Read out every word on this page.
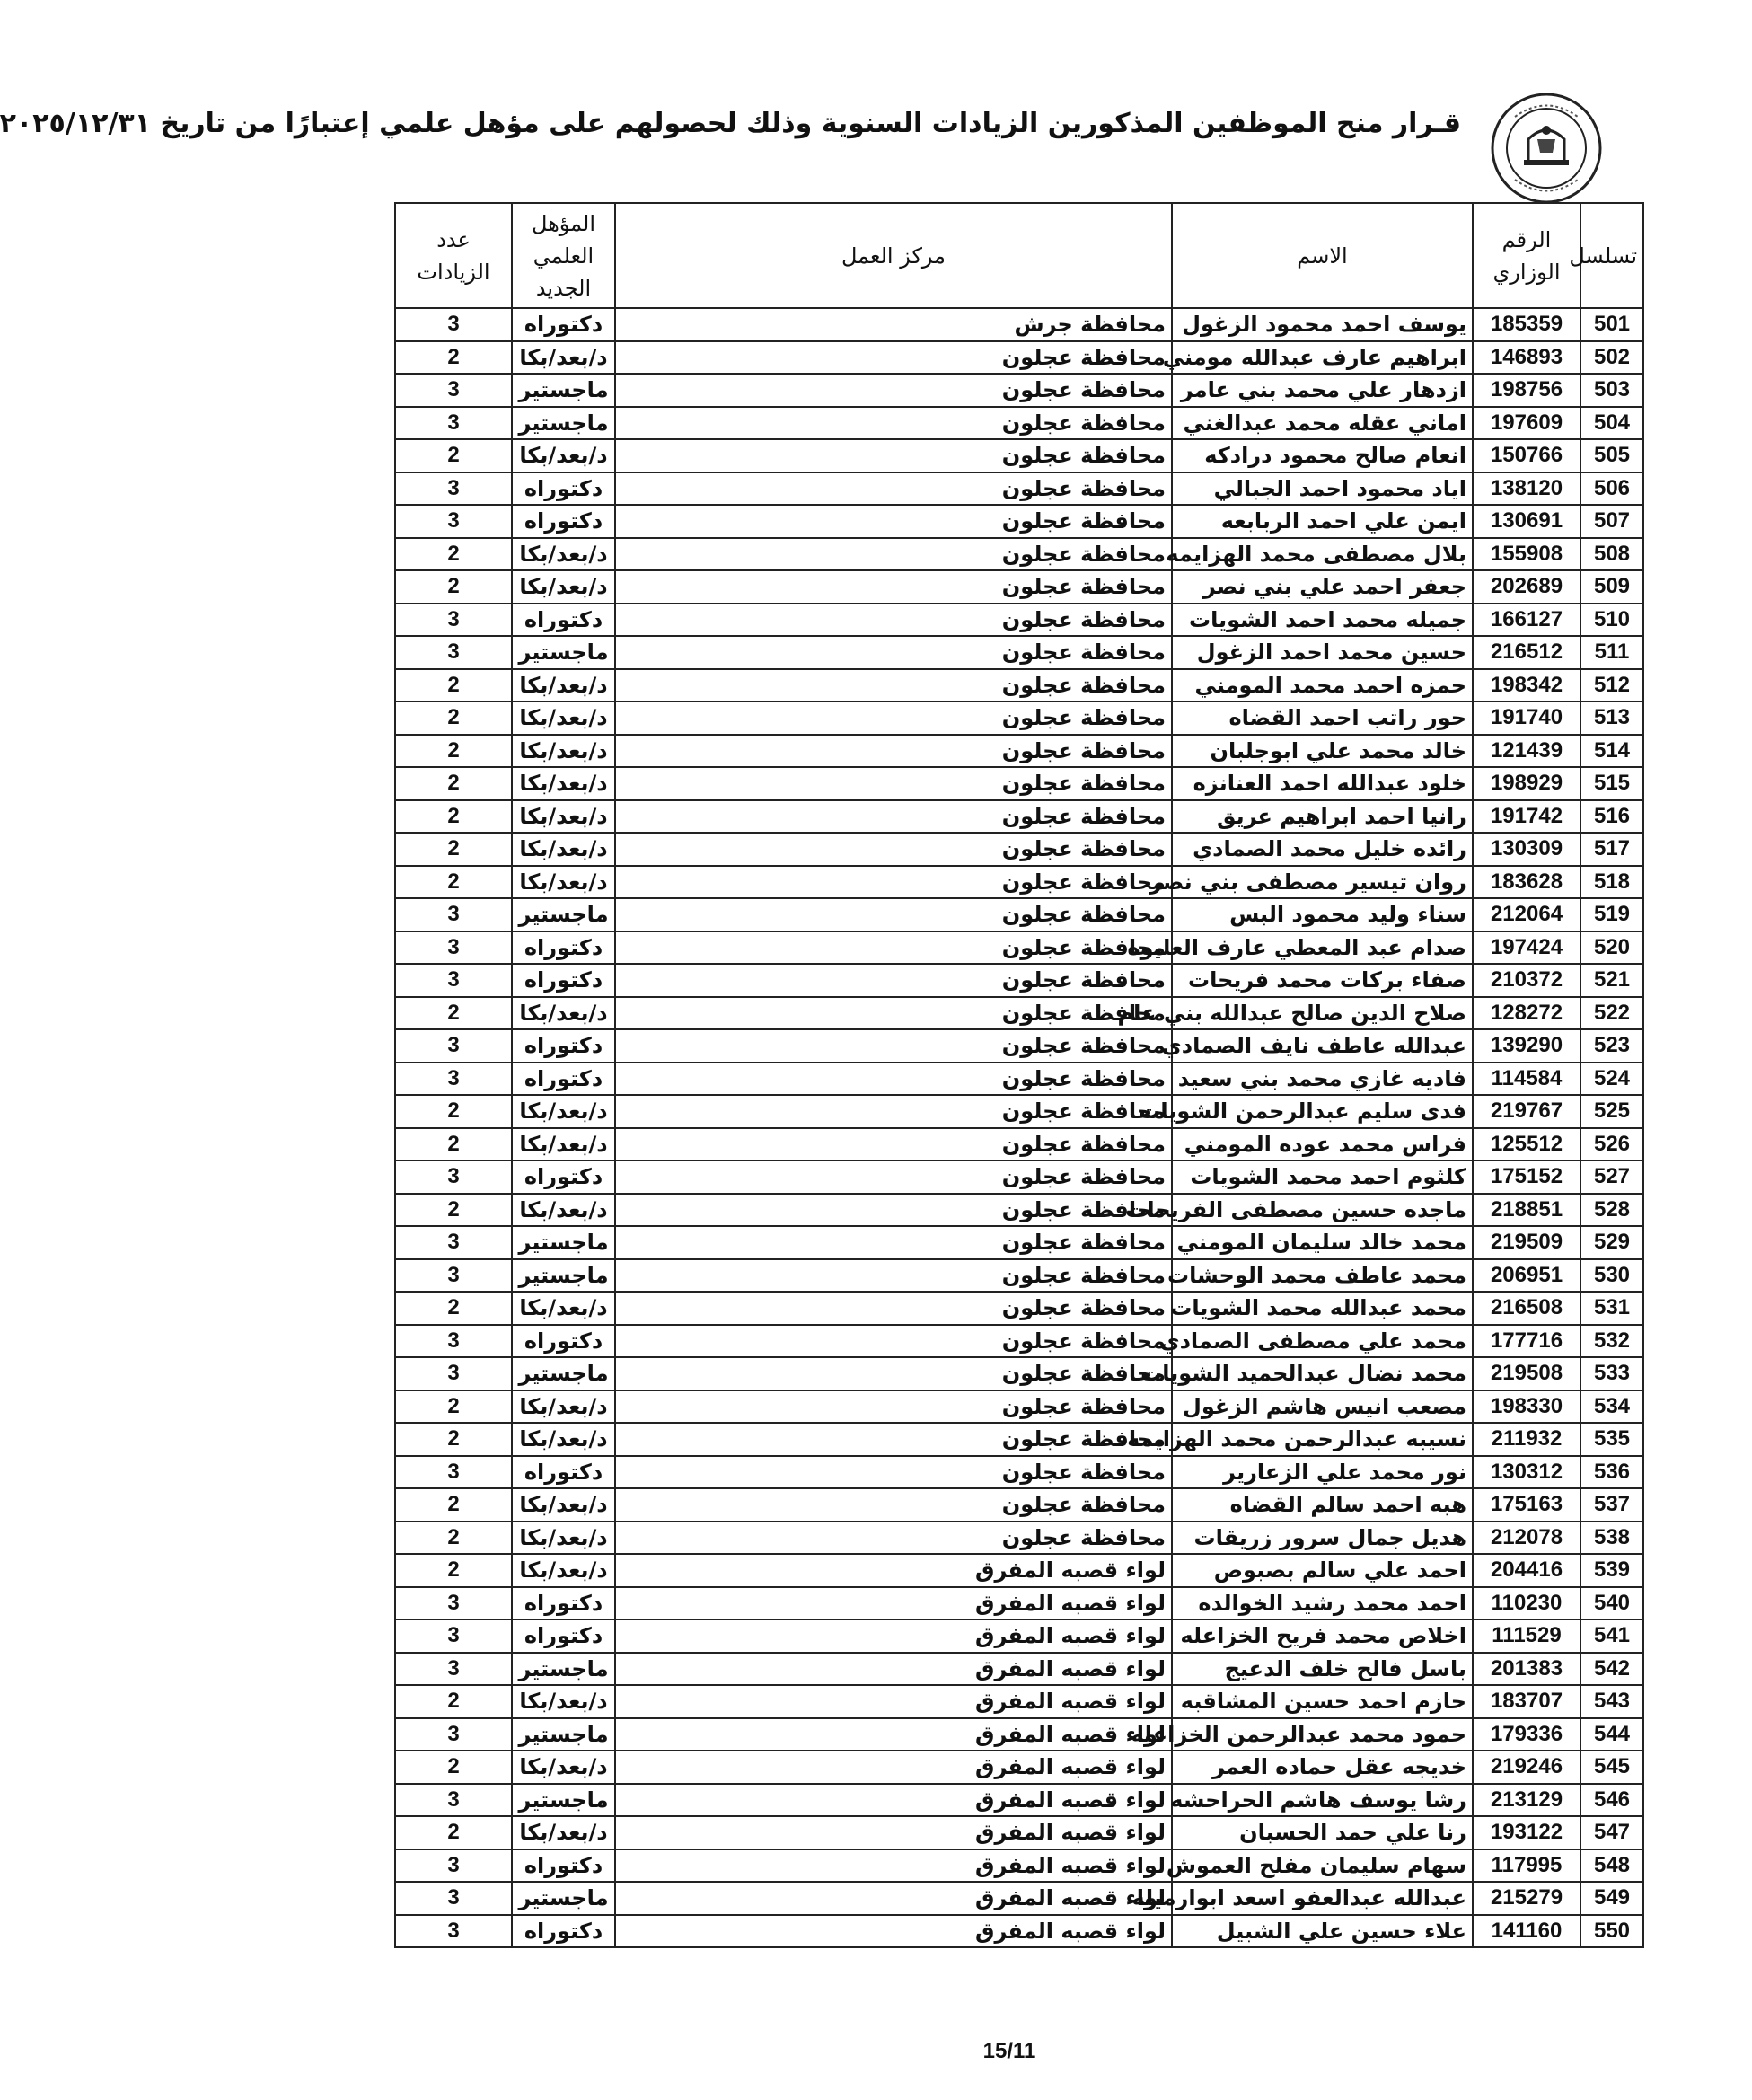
قـرار منح الموظفين المذكورين الزيادات السنوية وذلك لحصولهم على مؤهل علمي إعتبارًا من تاريخ ٢٠٢٥/١٢/٣١
تسلسل	الرقم الوزاري	الاسم	مركز العمل	المؤهل العلمي الجديد	عدد الزيادات
501	185359	يوسف احمد محمود الزغول	محافظة جرش	دكتوراه	3
502	146893	ابراهيم عارف عبدالله مومني	محافظة عجلون	د/بعد/بكا	2
503	198756	ازدهار علي محمد بني عامر	محافظة عجلون	ماجستير	3
504	197609	اماني عقله محمد عبدالغني	محافظة عجلون	ماجستير	3
505	150766	انعام صالح محمود درادكه	محافظة عجلون	د/بعد/بكا	2
506	138120	اياد محمود احمد الجبالي	محافظة عجلون	دكتوراه	3
507	130691	ايمن علي احمد الربابعه	محافظة عجلون	دكتوراه	3
508	155908	بلال مصطفى محمد الهزايمه	محافظة عجلون	د/بعد/بكا	2
509	202689	جعفر احمد علي بني نصر	محافظة عجلون	د/بعد/بكا	2
510	166127	جميله محمد احمد الشويات	محافظة عجلون	دكتوراه	3
511	216512	حسين محمد احمد الزغول	محافظة عجلون	ماجستير	3
512	198342	حمزه احمد محمد المومني	محافظة عجلون	د/بعد/بكا	2
513	191740	حور راتب احمد القضاه	محافظة عجلون	د/بعد/بكا	2
514	121439	خالد محمد علي ابوجلبان	محافظة عجلون	د/بعد/بكا	2
515	198929	خلود عبدالله احمد العنانزه	محافظة عجلون	د/بعد/بكا	2
516	191742	رانيا احمد ابراهيم عريق	محافظة عجلون	د/بعد/بكا	2
517	130309	رائده خليل محمد الصمادي	محافظة عجلون	د/بعد/بكا	2
518	183628	روان تيسير مصطفى بني نصر	محافظة عجلون	د/بعد/بكا	2
519	212064	سناء وليد محمود البس	محافظة عجلون	ماجستير	3
520	197424	صدام عبد المعطي عارف العليوه	محافظة عجلون	دكتوراه	3
521	210372	صفاء بركات محمد فريحات	محافظة عجلون	دكتوراه	3
522	128272	صلاح الدين صالح عبدالله بني عام	محافظة عجلون	د/بعد/بكا	2
523	139290	عبدالله عاطف نايف الصمادي	محافظة عجلون	دكتوراه	3
524	114584	فاديه غازي محمد بني سعيد	محافظة عجلون	دكتوراه	3
525	219767	فدى سليم عبدالرحمن الشويات	محافظة عجلون	د/بعد/بكا	2
526	125512	فراس محمد عوده المومني	محافظة عجلون	د/بعد/بكا	2
527	175152	كلثوم احمد محمد الشويات	محافظة عجلون	دكتوراه	3
528	218851	ماجده حسين مصطفى الفريحات	محافظة عجلون	د/بعد/بكا	2
529	219509	محمد خالد سليمان المومني	محافظة عجلون	ماجستير	3
530	206951	محمد عاطف محمد الوحشات	محافظة عجلون	ماجستير	3
531	216508	محمد عبدالله محمد الشويات	محافظة عجلون	د/بعد/بكا	2
532	177716	محمد علي مصطفى الصمادي	محافظة عجلون	دكتوراه	3
533	219508	محمد نضال عبدالحميد الشويات	محافظة عجلون	ماجستير	3
534	198330	مصعب انيس هاشم الزغول	محافظة عجلون	د/بعد/بكا	2
535	211932	نسيبه عبدالرحمن محمد الهزايمه	محافظة عجلون	د/بعد/بكا	2
536	130312	نور محمد علي الزعارير	محافظة عجلون	دكتوراه	3
537	175163	هبه احمد سالم القضاه	محافظة عجلون	د/بعد/بكا	2
538	212078	هديل جمال سرور زريقات	محافظة عجلون	د/بعد/بكا	2
539	204416	احمد علي سالم بصبوص	لواء قصبه المفرق	د/بعد/بكا	2
540	110230	احمد محمد رشيد الخوالده	لواء قصبه المفرق	دكتوراه	3
541	111529	اخلاص محمد فريح الخزاعله	لواء قصبه المفرق	دكتوراه	3
542	201383	باسل فالح خلف الدعيج	لواء قصبه المفرق	ماجستير	3
543	183707	حازم احمد حسين المشاقبه	لواء قصبه المفرق	د/بعد/بكا	2
544	179336	حمود محمد عبدالرحمن الخزاعله	لواء قصبه المفرق	ماجستير	3
545	219246	خديجه عقل حماده العمر	لواء قصبه المفرق	د/بعد/بكا	2
546	213129	رشا يوسف هاشم الحراحشه	لواء قصبه المفرق	ماجستير	3
547	193122	رنا علي حمد الحسبان	لواء قصبه المفرق	د/بعد/بكا	2
548	117995	سهام سليمان مفلح العموش	لواء قصبه المفرق	دكتوراه	3
549	215279	عبدالله عبدالعفو اسعد ابوارميله	لواء قصبه المفرق	ماجستير	3
550	141160	علاء حسين علي الشبيل	لواء قصبه المفرق	دكتوراه	3
15/11
